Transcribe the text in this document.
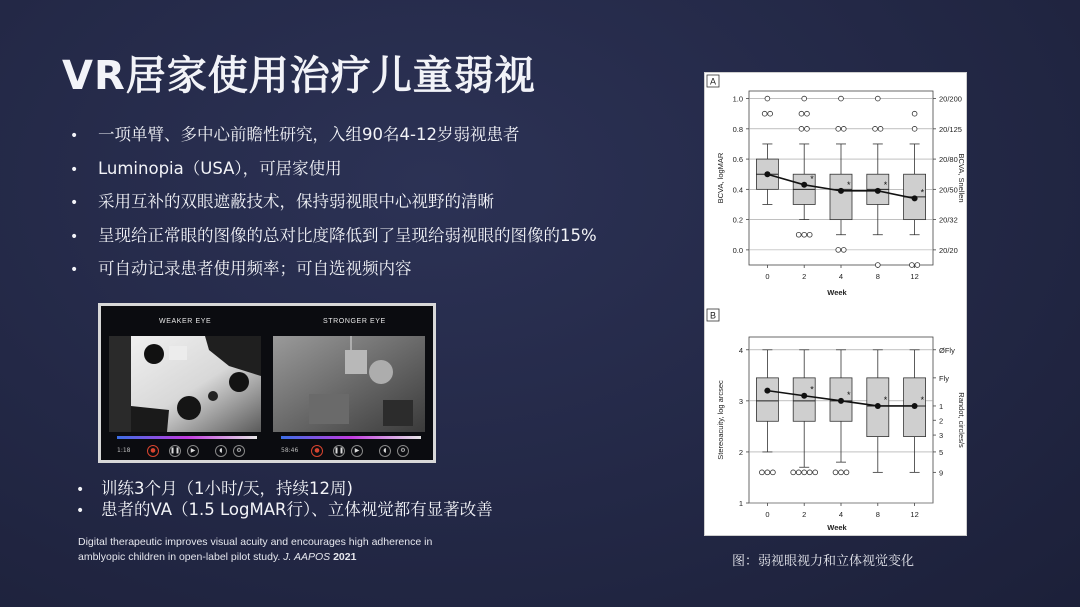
VR居家使用治疗儿童弱视
• 一项单臂、多中心前瞻性研究，入组90名4-12岁弱视患者
• Luminopia（USA），可居家使用
• 采用互补的双眼遮蔽技术，保持弱视眼中心视野的清晰
• 呈现给正常眼的图像的总对比度降低到了呈现给弱视眼的图像的15%
• 可自动记录患者使用频率；可自选视频内容
WEAKER EYE	STRONGER EYE
1:18	●	❚❚	▶	◖	⚙	58:46	●	❚❚	▶	◖	⚙
• 训练3个月（1小时/天，持续12周)
• 患者的VA（1.5 LogMAR行）、立体视觉都有显著改善
Digital therapeutic improves visual acuity and encourages high adherence in
amblyopic children in open-label pilot study. J. AAPOS 2021
A
1.0
0.8
0.6
0.4
0.2
0.0
20/200
20/125
20/80
20/50
20/32
20/20
BCVA, logMAR	BCVA, Snellen
Week
0	2	4	8	12
*
*	*
*
B
4
3
2
1
ØFly
Fly
1
2
3
5
9
Stereoacuity, log arcsec	Randot, circles/s
Week
0	2	4	8	12
*
*
*	*
图：弱视眼视力和立体视觉变化
